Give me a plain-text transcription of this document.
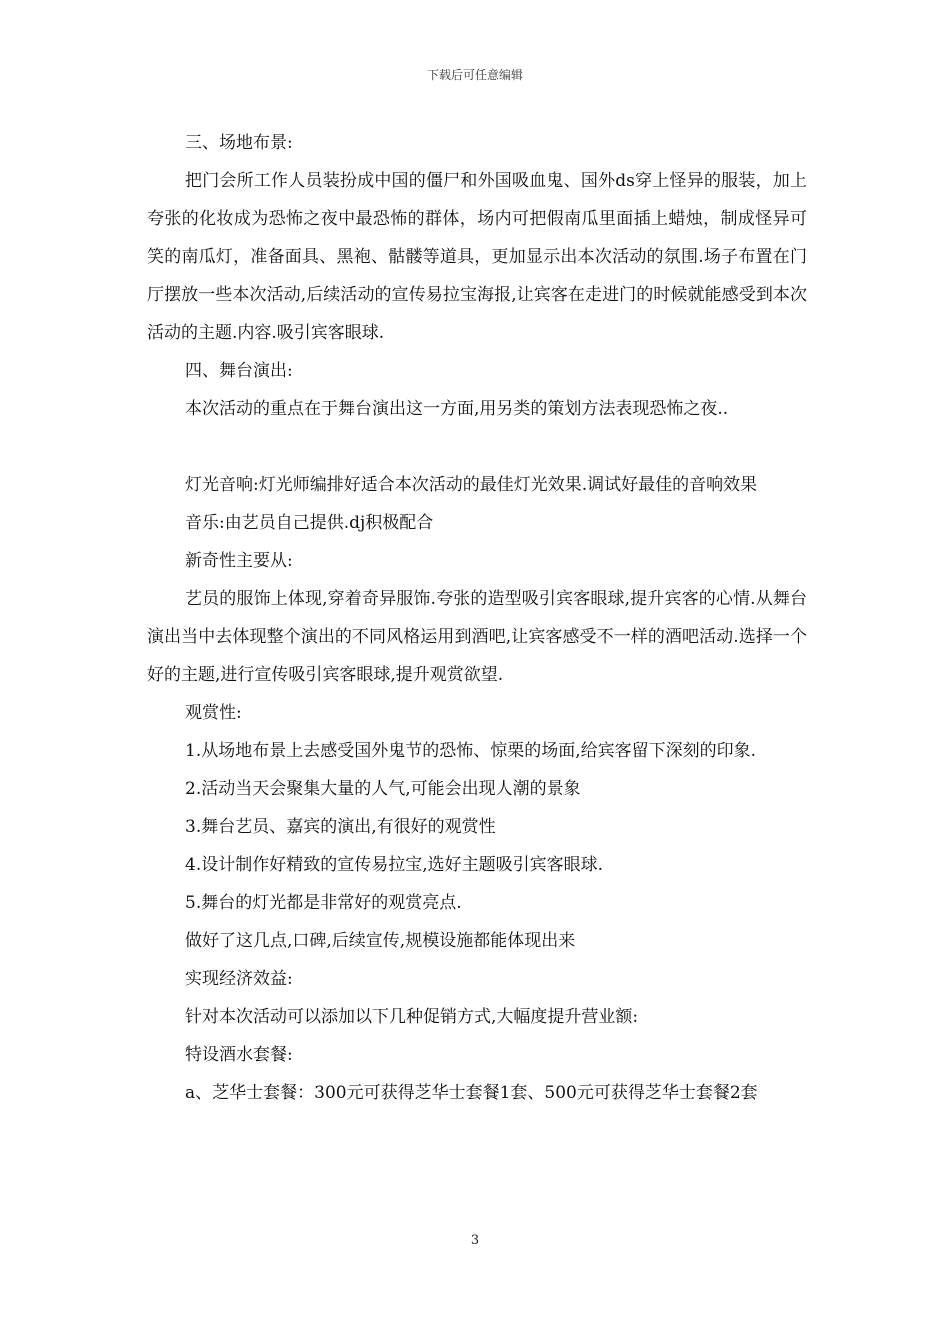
下载后可任意编辑

三、场地布景:

把门会所工作人员装扮成中国的僵尸和外国吸血鬼、国外ds穿上怪异的服装，加上夸张的化妆成为恐怖之夜中最恐怖的群体，场内可把假南瓜里面插上蜡烛，制成怪异可笑的南瓜灯，准备面具、黑袍、骷髅等道具，更加显示出本次活动的氛围.场子布置在门厅摆放一些本次活动,后续活动的宣传易拉宝海报,让宾客在走进门的时候就能感受到本次活动的主题.内容.吸引宾客眼球.

四、舞台演出:

本次活动的重点在于舞台演出这一方面,用另类的策划方法表现恐怖之夜..

灯光音响:灯光师编排好适合本次活动的最佳灯光效果.调试好最佳的音响效果

音乐:由艺员自己提供.dj积极配合

新奇性主要从:

艺员的服饰上体现,穿着奇异服饰.夸张的造型吸引宾客眼球,提升宾客的心情.从舞台演出当中去体现整个演出的不同风格运用到酒吧,让宾客感受不一样的酒吧活动.选择一个好的主题,进行宣传吸引宾客眼球,提升观赏欲望.

观赏性:

1.从场地布景上去感受国外鬼节的恐怖、惊栗的场面,给宾客留下深刻的印象.

2.活动当天会聚集大量的人气,可能会出现人潮的景象

3.舞台艺员、嘉宾的演出,有很好的观赏性

4.设计制作好精致的宣传易拉宝,选好主题吸引宾客眼球.

5.舞台的灯光都是非常好的观赏亮点.

做好了这几点,口碑,后续宣传,规模设施都能体现出来

实现经济效益:

针对本次活动可以添加以下几种促销方式,大幅度提升营业额:

特设酒水套餐:

a、芝华士套餐：300元可获得芝华士套餐1套、500元可获得芝华士套餐2套

3
